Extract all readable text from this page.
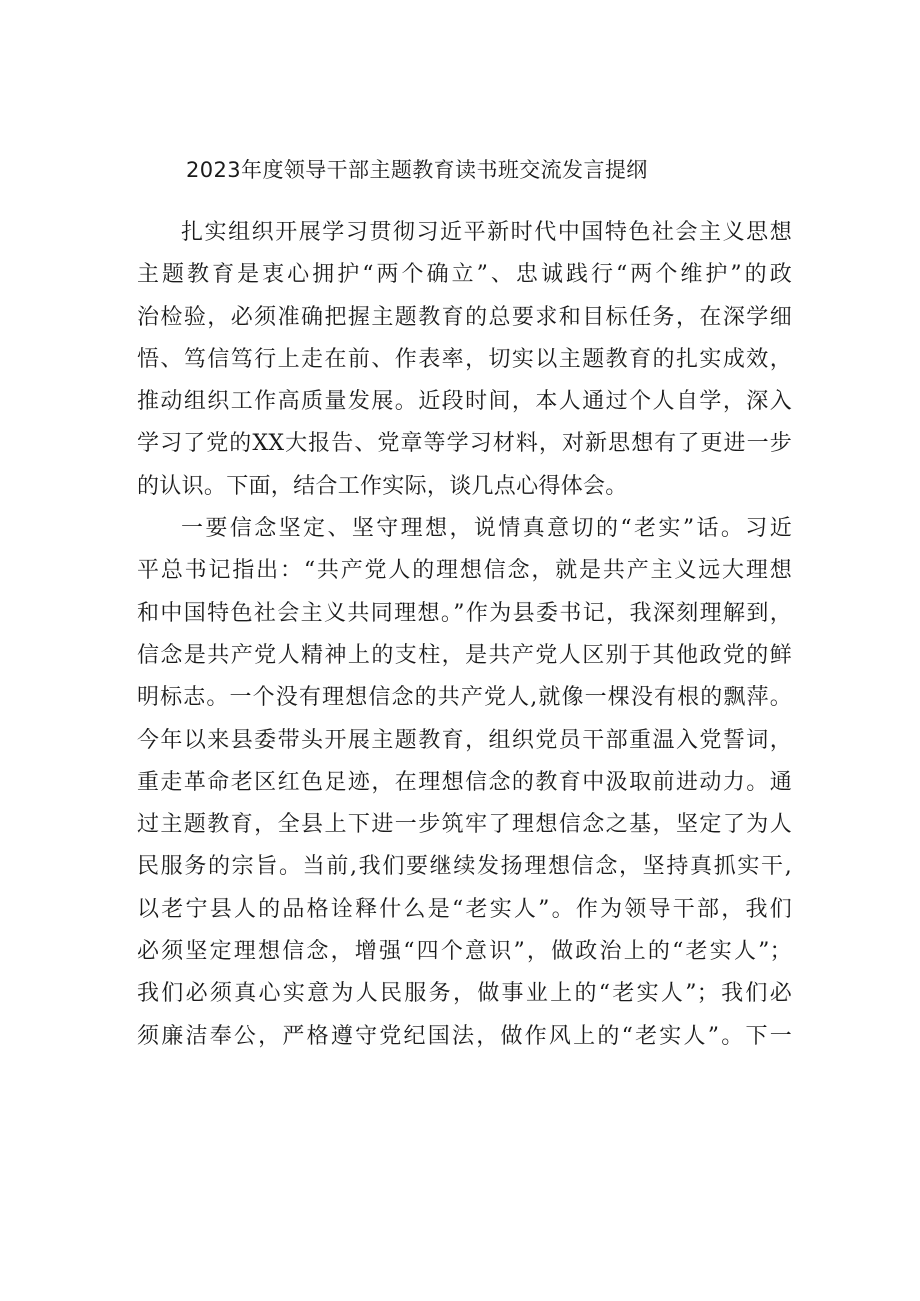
2023年度领导干部主题教育读书班交流发言提纲
扎实组织开展学习贯彻习近平新时代中国特色社会主义思想
主题教育是衷心拥护“两个确立”、忠诚践行“两个维护”的政
治检验，必须准确把握主题教育的总要求和目标任务，在深学细
悟、笃信笃行上走在前、作表率，切实以主题教育的扎实成效，
推动组织工作高质量发展。近段时间，本人通过个人自学，深入
学习了党的XX大报告、党章等学习材料，对新思想有了更进一步
的认识。下面，结合工作实际，谈几点心得体会。
一要信念坚定、坚守理想，说情真意切的“老实”话。习近
平总书记指出：“共产党人的理想信念，就是共产主义远大理想
和中国特色社会主义共同理想。”作为县委书记，我深刻理解到，
信念是共产党人精神上的支柱，是共产党人区别于其他政党的鲜
明标志。一个没有理想信念的共产党人,就像一棵没有根的飘萍。
今年以来县委带头开展主题教育，组织党员干部重温入党誓词，
重走革命老区红色足迹，在理想信念的教育中汲取前进动力。通
过主题教育，全县上下进一步筑牢了理想信念之基，坚定了为人
民服务的宗旨。当前,我们要继续发扬理想信念，坚持真抓实干,
以老宁县人的品格诠释什么是“老实人”。作为领导干部，我们
必须坚定理想信念，增强“四个意识”，做政治上的“老实人”；
我们必须真心实意为人民服务，做事业上的“老实人”；我们必
须廉洁奉公，严格遵守党纪国法，做作风上的“老实人”。下一
